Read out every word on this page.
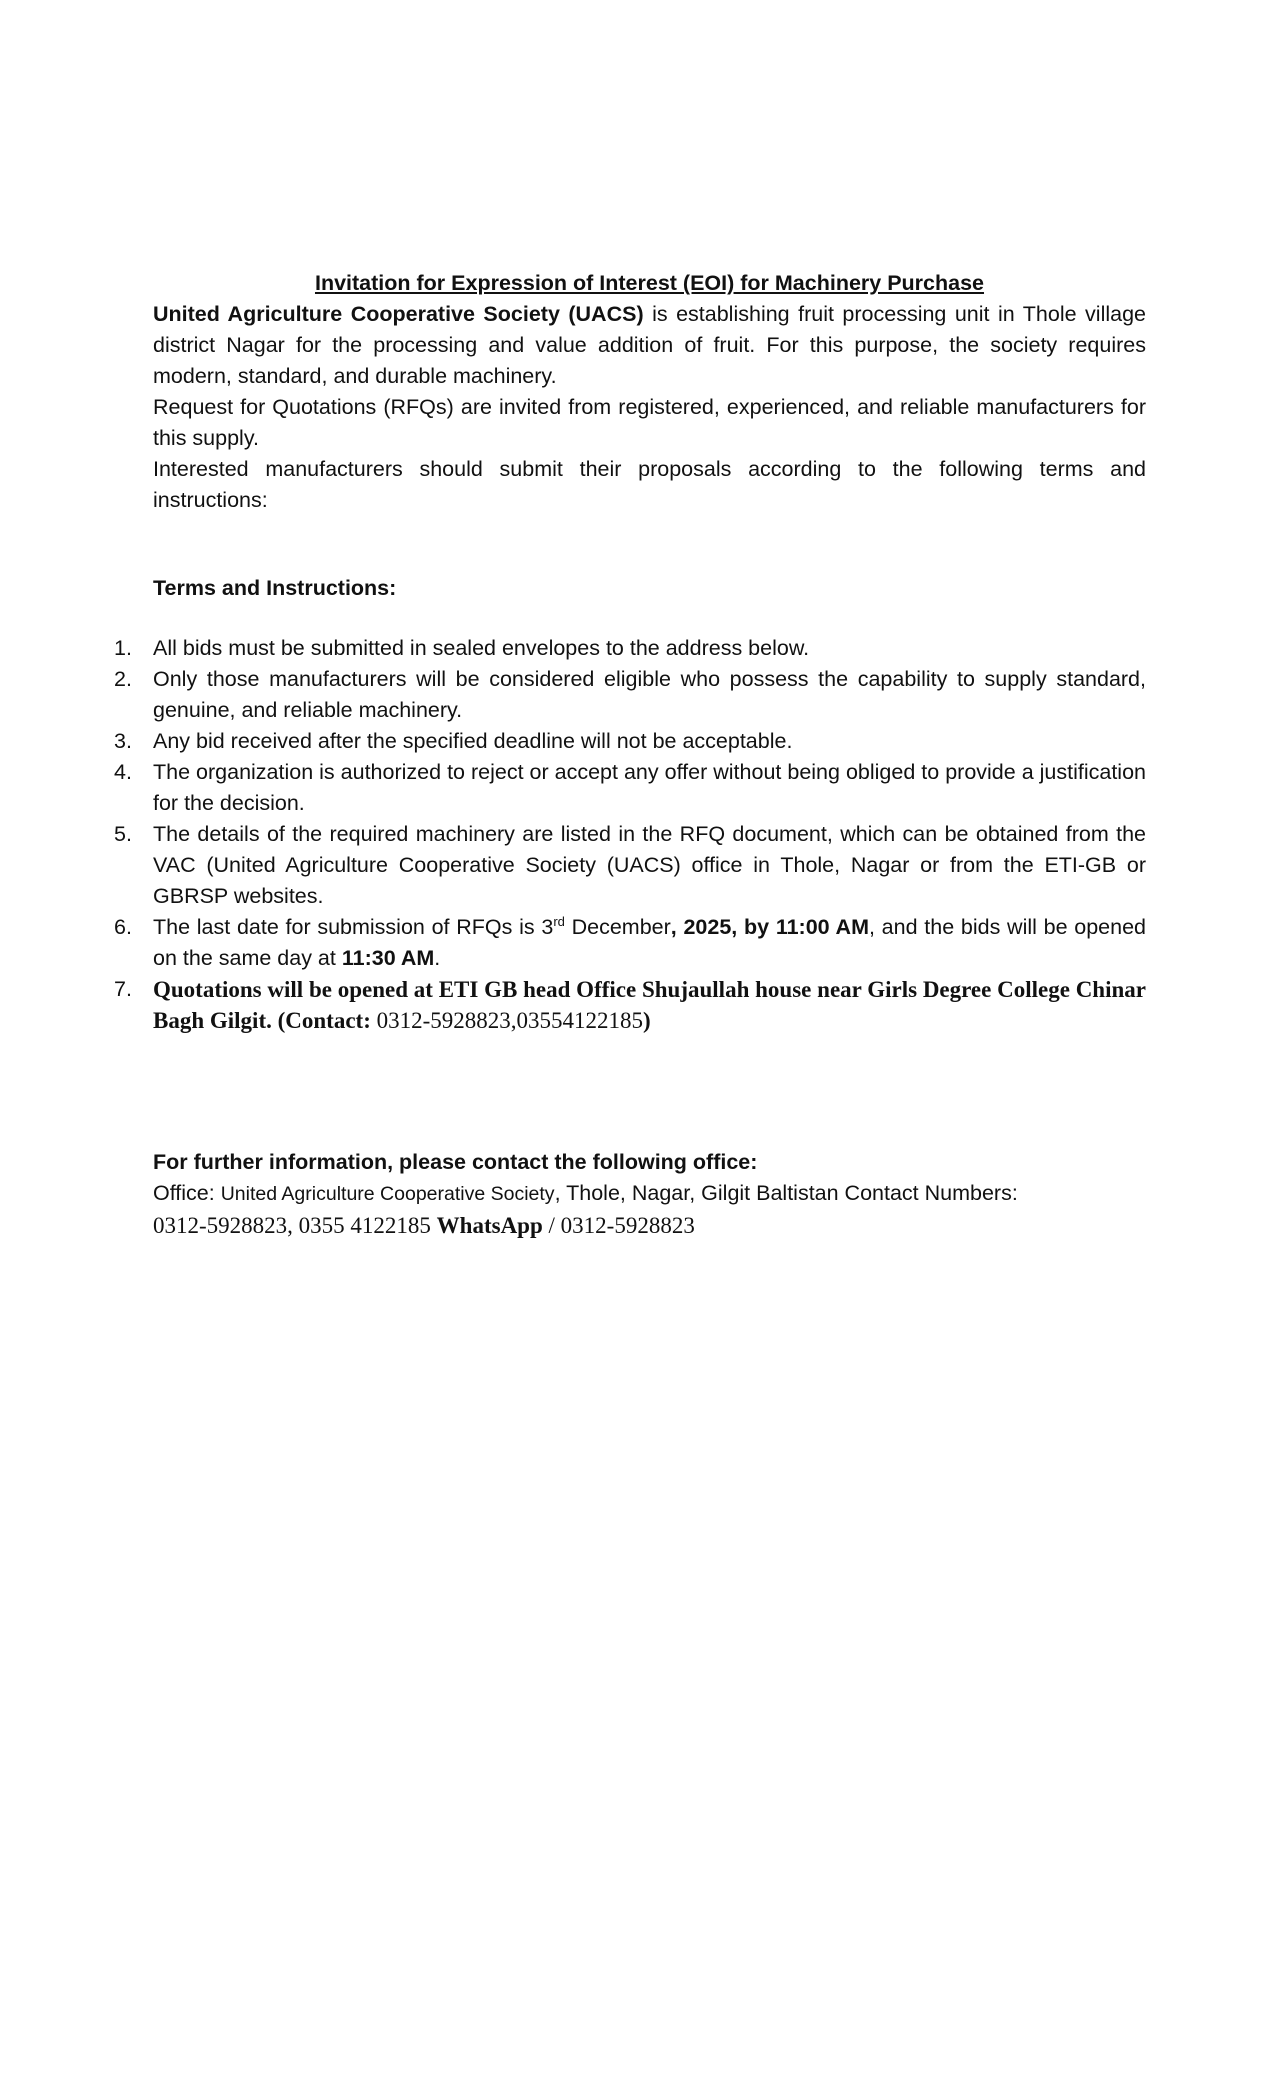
Invitation for Expression of Interest (EOI) for Machinery Purchase

United Agriculture Cooperative Society (UACS) is establishing fruit processing unit in Thole village district Nagar for the processing and value addition of fruit. For this purpose, the society requires modern, standard, and durable machinery.

Request for Quotations (RFQs) are invited from registered, experienced, and reliable manufacturers for this supply.

Interested manufacturers should submit their proposals according to the following terms and instructions:

Terms and Instructions:

1. All bids must be submitted in sealed envelopes to the address below.
2. Only those manufacturers will be considered eligible who possess the capability to supply standard, genuine, and reliable machinery.
3. Any bid received after the specified deadline will not be acceptable.
4. The organization is authorized to reject or accept any offer without being obliged to provide a justification for the decision.
5. The details of the required machinery are listed in the RFQ document, which can be obtained from the VAC (United Agriculture Cooperative Society (UACS) office in Thole, Nagar or from the ETI-GB or GBRSP websites.
6. The last date for submission of RFQs is 3rd December, 2025, by 11:00 AM, and the bids will be opened on the same day at 11:30 AM.
7. Quotations will be opened at ETI GB head Office Shujaullah house near Girls Degree College Chinar Bagh Gilgit. (Contact: 0312-5928823,03554122185)

For further information, please contact the following office:

Office: United Agriculture Cooperative Society, Thole, Nagar, Gilgit Baltistan Contact Numbers:

0312-5928823, 0355 4122185 WhatsApp / 0312-5928823
